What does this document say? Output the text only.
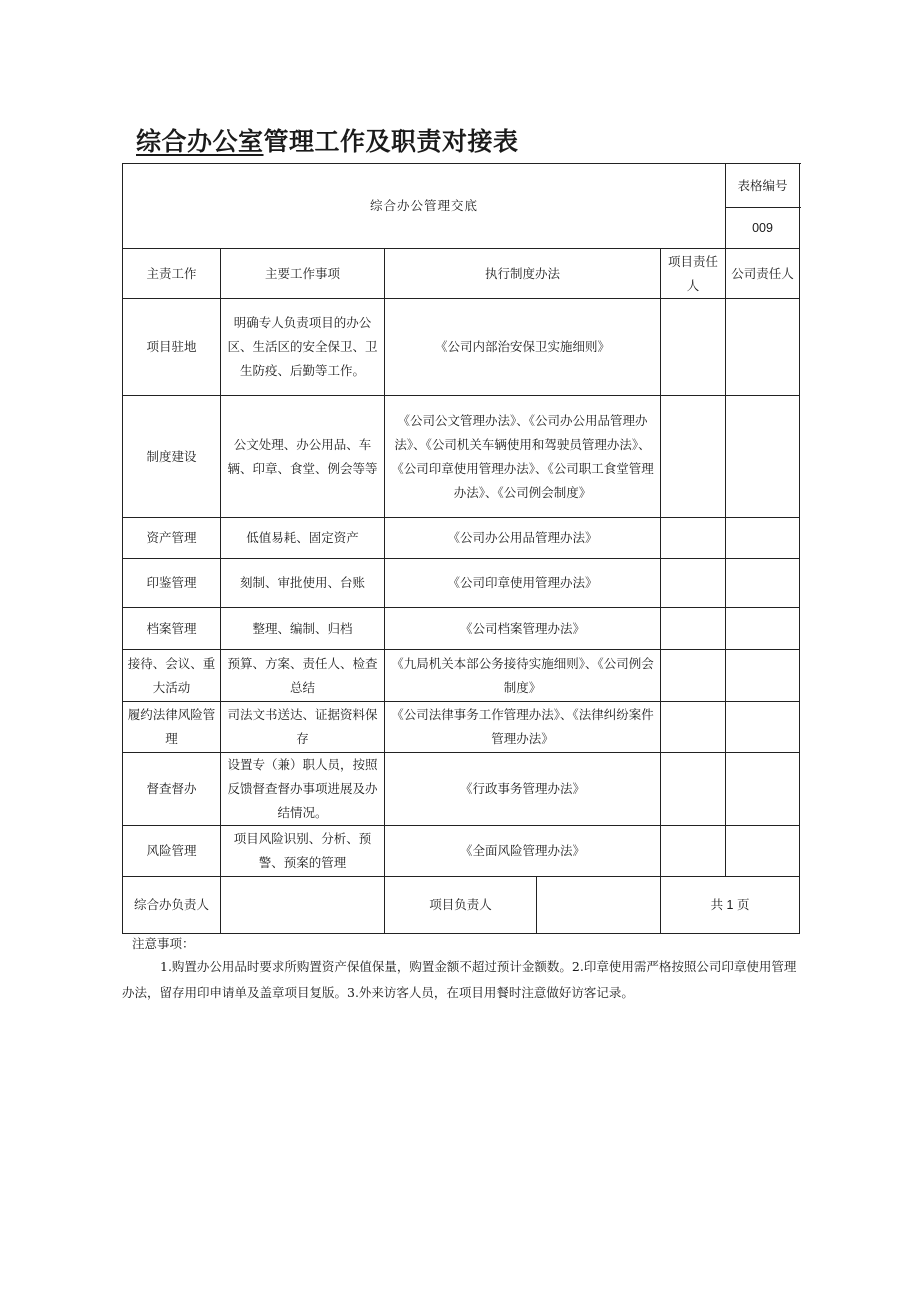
综合办公室管理工作及职责对接表
综合办公管理交底					表格编号
					009
主责工作	主要工作事项	执行制度办法		项目责任人	公司责任人
项目驻地	明确专人负责项目的办公区、生活区的安全保卫、卫生防疫、后勤等工作。	《公司内部治安保卫实施细则》			
制度建设	公文处理、办公用品、车辆、印章、食堂、例会等等	《公司公文管理办法》、《公司办公用品管理办法》、《公司机关车辆使用和驾驶员管理办法》、《公司印章使用管理办法》、《公司职工食堂管理办法》、《公司例会制度》			
资产管理	低值易耗、固定资产	《公司办公用品管理办法》			
印鉴管理	刻制、审批使用、台账	《公司印章使用管理办法》			
档案管理	整理、编制、归档	《公司档案管理办法》			
接待、会议、重大活动	预算、方案、责任人、检查总结	《九局机关本部公务接待实施细则》、《公司例会制度》			
履约法律风险管理	司法文书送达、证据资料保存	《公司法律事务工作管理办法》、《法律纠纷案件管理办法》			
督查督办	设置专（兼）职人员，按照反馈督查督办事项进展及办结情况。	《行政事务管理办法》			
风险管理	项目风险识别、分析、预警、预案的管理	《全面风险管理办法》			
综合办负责人		项目负责人		共 1 页	
注意事项：
1.购置办公用品时要求所购置资产保值保量，购置金额不超过预计金额数。2.印章使用需严格按照公司印章使用管理办法，留存用印申请单及盖章项目复版。3.外来访客人员，在项目用餐时注意做好访客记录。
